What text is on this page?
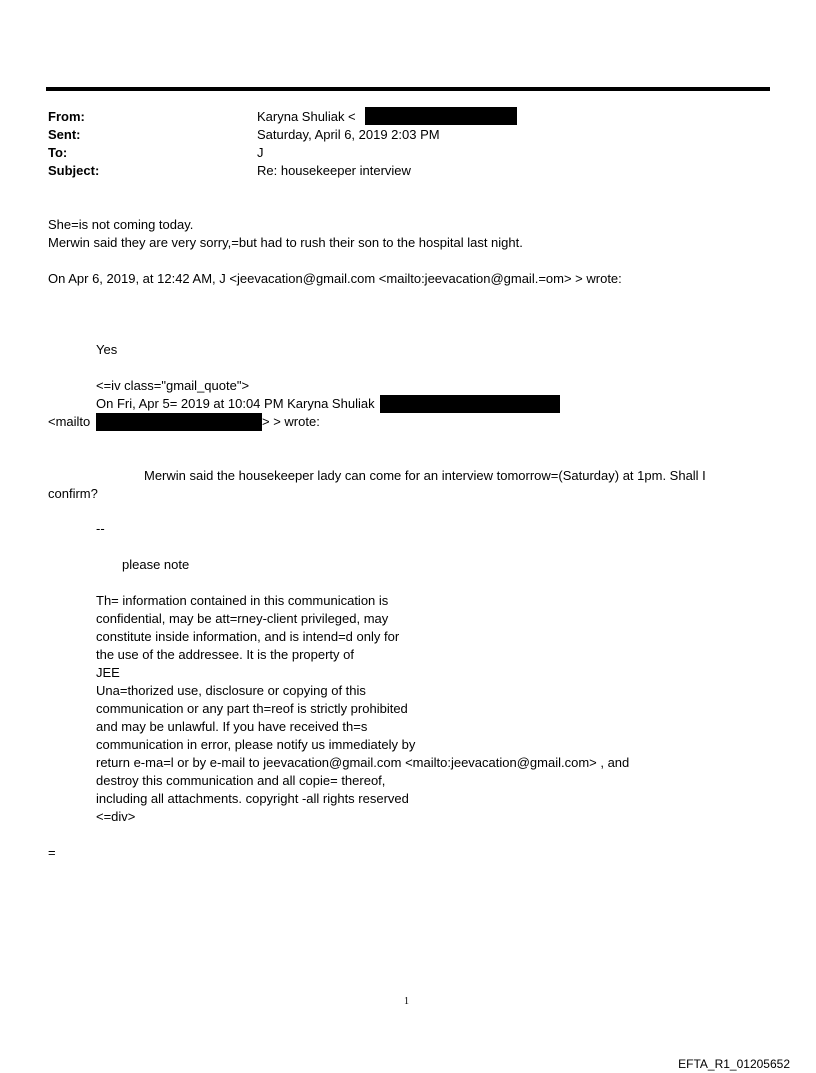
From:
Sent:
To:
Subject:
Karyna Shuliak <
Saturday, April 6, 2019 2:03 PM
J
Re: housekeeper interview
She=is not coming today.
Merwin said they are very sorry,=but had to rush their son to the hospital last night.
On Apr 6, 2019, at 12:42 AM, J <jeevacation@gmail.com <mailto:jeevacation@gmail.=om> > wrote:
Yes
<=iv class="gmail_quote">
On Fri, Apr 5= 2019 at 10:04 PM Karyna Shuliak
<mailto	> > wrote:
Merwin said the housekeeper lady can come for an interview tomorrow=(Saturday) at 1pm. Shall I
confirm?
--
please note
Th= information contained in this communication is
confidential, may be att=rney-client privileged, may
constitute inside information, and is intend=d only for
the use of the addressee. It is the property of
JEE
Una=thorized use, disclosure or copying of this
communication or any part th=reof is strictly prohibited
and may be unlawful. If you have received th=s
communication in error, please notify us immediately by
return e-ma=l or by e-mail to jeevacation@gmail.com <mailto:jeevacation@gmail.com> , and
destroy this communication and all copie= thereof,
including all attachments. copyright -all rights reserved
<=div>
=
1
EFTA_R1_01205652
